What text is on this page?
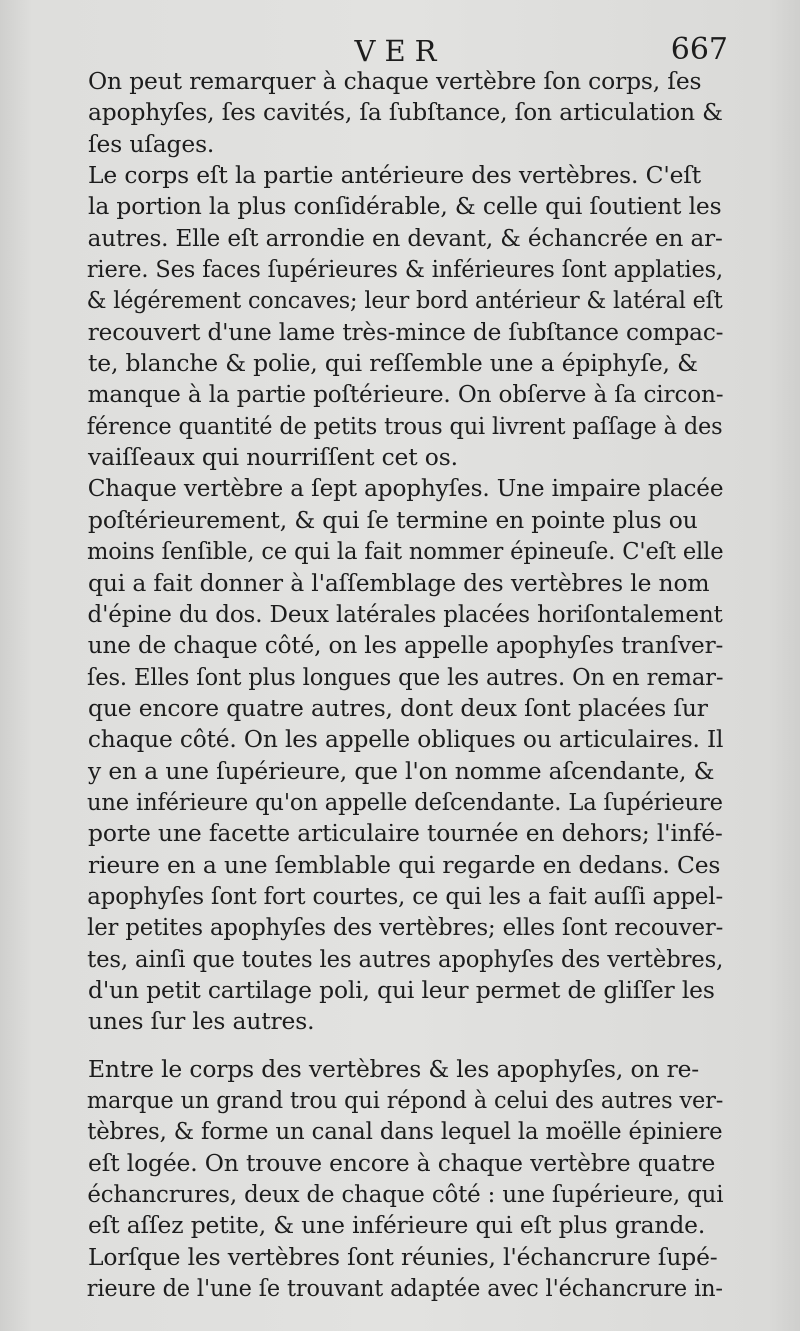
VER	667
On peut remarquer à chaque vertèbre ſon corps, ſes
apophyſes, ſes cavités, ſa ſubſtance, ſon articulation &
ſes uſages.
Le corps eſt la partie antérieure des vertèbres. C'eſt
la portion la plus conſidérable, & celle qui ſoutient les
autres. Elle eſt arrondie en devant, & échancrée en ar-
riere. Ses faces ſupérieures & inférieures ſont applaties,
& légérement concaves; leur bord antérieur & latéral eſt
recouvert d'une lame très-mince de ſubſtance compac-
te, blanche & polie, qui reſſemble une a épiphyſe, &
manque à la partie poſtérieure. On obſerve à ſa circon-
férence quantité de petits trous qui livrent paſſage à des
vaiſſeaux qui nourriſſent cet os.
Chaque vertèbre a ſept apophyſes. Une impaire placée
poſtérieurement, & qui ſe termine en pointe plus ou
moins ſenſible, ce qui la fait nommer épineuſe. C'eſt elle
qui a fait donner à l'aſſemblage des vertèbres le nom
d'épine du dos. Deux latérales placées horiſontalement
une de chaque côté, on les appelle apophyſes tranſver-
ſes. Elles ſont plus longues que les autres. On en remar-
que encore quatre autres, dont deux ſont placées ſur
chaque côté. On les appelle obliques ou articulaires. Il
y en a une ſupérieure, que l'on nomme aſcendante, &
une inférieure qu'on appelle deſcendante. La ſupérieure
porte une facette articulaire tournée en dehors; l'infé-
rieure en a une ſemblable qui regarde en dedans. Ces
apophyſes ſont fort courtes, ce qui les a fait auſſi appel-
ler petites apophyſes des vertèbres; elles ſont recouver-
tes, ainſi que toutes les autres apophyſes des vertèbres,
d'un petit cartilage poli, qui leur permet de gliſſer les
unes ſur les autres.
Entre le corps des vertèbres & les apophyſes, on re-
marque un grand trou qui répond à celui des autres ver-
tèbres, & forme un canal dans lequel la moëlle épiniere
eſt logée. On trouve encore à chaque vertèbre quatre
échancrures, deux de chaque côté : une ſupérieure, qui
eſt aſſez petite, & une inférieure qui eſt plus grande.
Lorſque les vertèbres ſont réunies, l'échancrure ſupé-
rieure de l'une ſe trouvant adaptée avec l'échancrure in-
